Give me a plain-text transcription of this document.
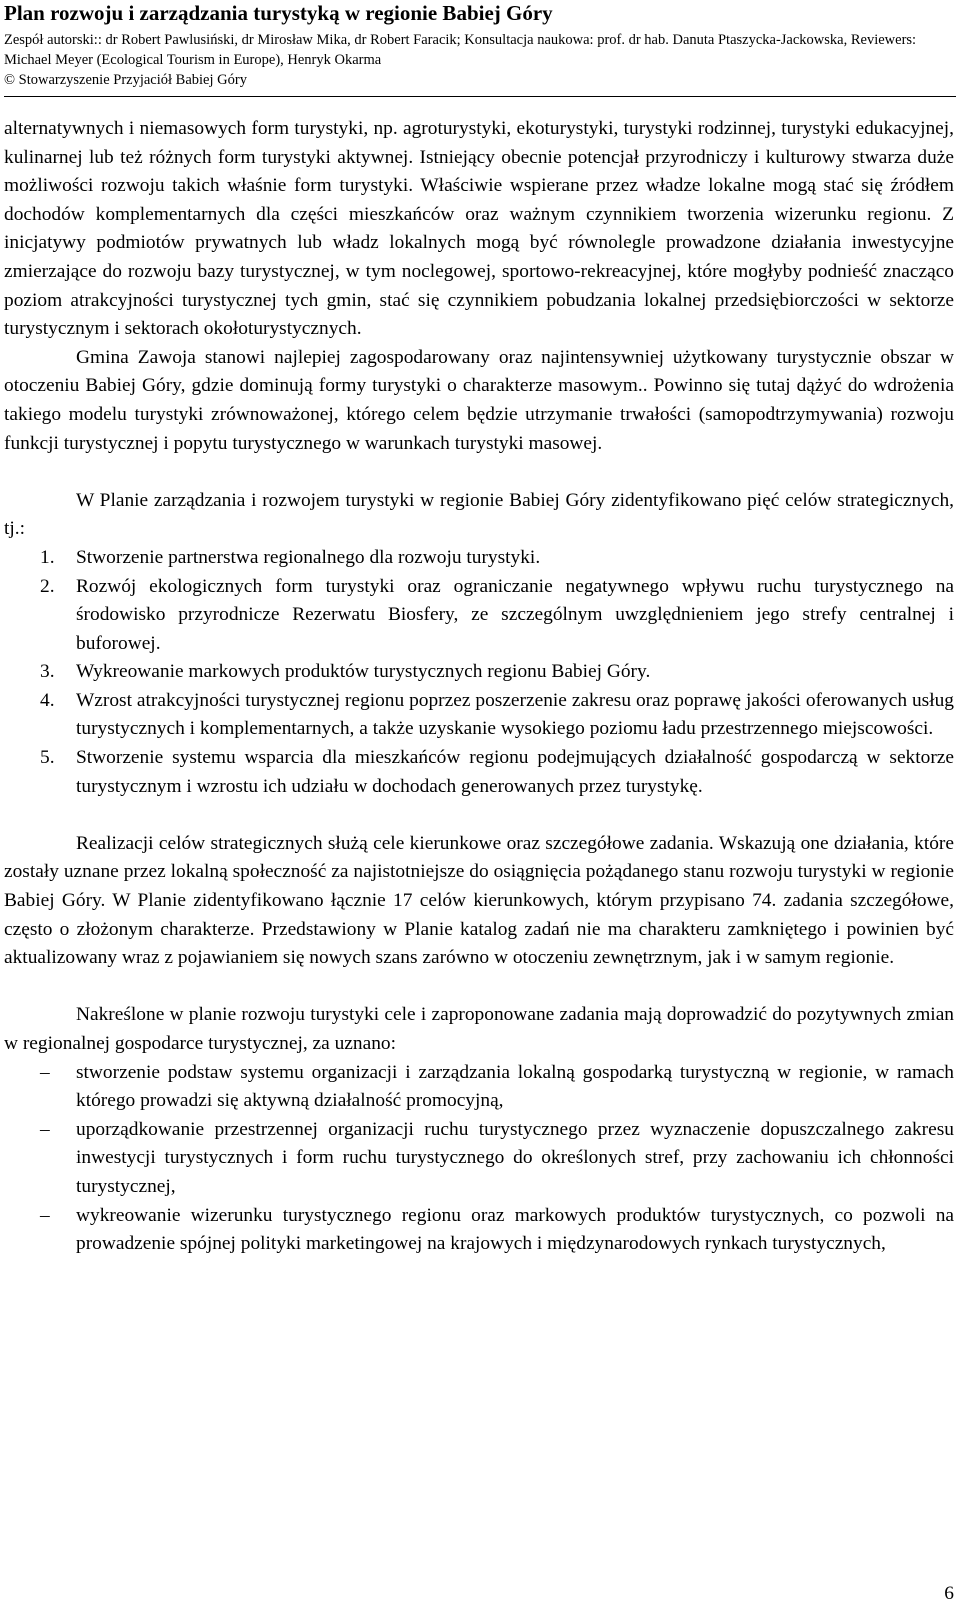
Plan rozwoju i zarządzania turystyką w regionie Babiej Góry
Zespół autorski:: dr Robert Pawlusiński, dr Mirosław Mika, dr Robert Faracik; Konsultacja naukowa: prof. dr hab. Danuta Ptaszycka-Jackowska, Reviewers: Michael Meyer (Ecological Tourism in Europe), Henryk Okarma
© Stowarzyszenie Przyjaciół Babiej Góry

alternatywnych i niemasowych form turystyki, np. agroturystyki, ekoturystyki, turystyki rodzinnej, turystyki edukacyjnej, kulinarnej lub też różnych form turystyki aktywnej. Istniejący obecnie potencjał przyrodniczy i kulturowy stwarza duże możliwości rozwoju takich właśnie form turystyki. Właściwie wspierane przez władze lokalne mogą stać się źródłem dochodów komplementarnych dla części mieszkańców oraz ważnym czynnikiem tworzenia wizerunku regionu. Z inicjatywy podmiotów prywatnych lub władz lokalnych mogą być równolegle prowadzone działania inwestycyjne zmierzające do rozwoju bazy turystycznej, w tym noclegowej, sportowo-rekreacyjnej, które mogłyby podnieść znacząco poziom atrakcyjności turystycznej tych gmin, stać się czynnikiem pobudzania lokalnej przedsiębiorczości w sektorze turystycznym i sektorach okołoturystycznych.

Gmina Zawoja stanowi najlepiej zagospodarowany oraz najintensywniej użytkowany turystycznie obszar w otoczeniu Babiej Góry, gdzie dominują formy turystyki o charakterze masowym.. Powinno się tutaj dążyć do wdrożenia takiego modelu turystyki zrównoważonej, którego celem będzie utrzymanie trwałości (samopodtrzymywania) rozwoju funkcji turystycznej i popytu turystycznego w warunkach turystyki masowej.

W Planie zarządzania i rozwojem turystyki w regionie Babiej Góry zidentyfikowano pięć celów strategicznych, tj.:

1. Stworzenie partnerstwa regionalnego dla rozwoju turystyki.
2. Rozwój ekologicznych form turystyki oraz ograniczanie negatywnego wpływu ruchu turystycznego na środowisko przyrodnicze Rezerwatu Biosfery, ze szczególnym uwzględnieniem jego strefy centralnej i buforowej.
3. Wykreowanie markowych produktów turystycznych regionu Babiej Góry.
4. Wzrost atrakcyjności turystycznej regionu poprzez poszerzenie zakresu oraz poprawę jakości oferowanych usług turystycznych i komplementarnych, a także uzyskanie wysokiego poziomu ładu przestrzennego miejscowości.
5. Stworzenie systemu wsparcia dla mieszkańców regionu podejmujących działalność gospodarczą w sektorze turystycznym i wzrostu ich udziału w dochodach generowanych przez turystykę.

Realizacji celów strategicznych służą cele kierunkowe oraz szczegółowe zadania. Wskazują one działania, które zostały uznane przez lokalną społeczność za najistotniejsze do osiągnięcia pożądanego stanu rozwoju turystyki w regionie Babiej Góry. W Planie zidentyfikowano łącznie 17 celów kierunkowych, którym przypisano 74. zadania szczegółowe, często o złożonym charakterze. Przedstawiony w Planie katalog zadań nie ma charakteru zamkniętego i powinien być aktualizowany wraz z pojawianiem się nowych szans zarówno w otoczeniu zewnętrznym, jak i w samym regionie.

Nakreślone w planie rozwoju turystyki cele i zaproponowane zadania mają doprowadzić do pozytywnych zmian w regionalnej gospodarce turystycznej, za uznano:

– stworzenie podstaw systemu organizacji i zarządzania lokalną gospodarką turystyczną w regionie, w ramach którego prowadzi się aktywną działalność promocyjną,
– uporządkowanie przestrzennej organizacji ruchu turystycznego przez wyznaczenie dopuszczalnego zakresu inwestycji turystycznych i form ruchu turystycznego do określonych stref, przy zachowaniu ich chłonności turystycznej,
– wykreowanie wizerunku turystycznego regionu oraz markowych produktów turystycznych, co pozwoli na prowadzenie spójnej polityki marketingowej na krajowych i międzynarodowych rynkach turystycznych,
6
